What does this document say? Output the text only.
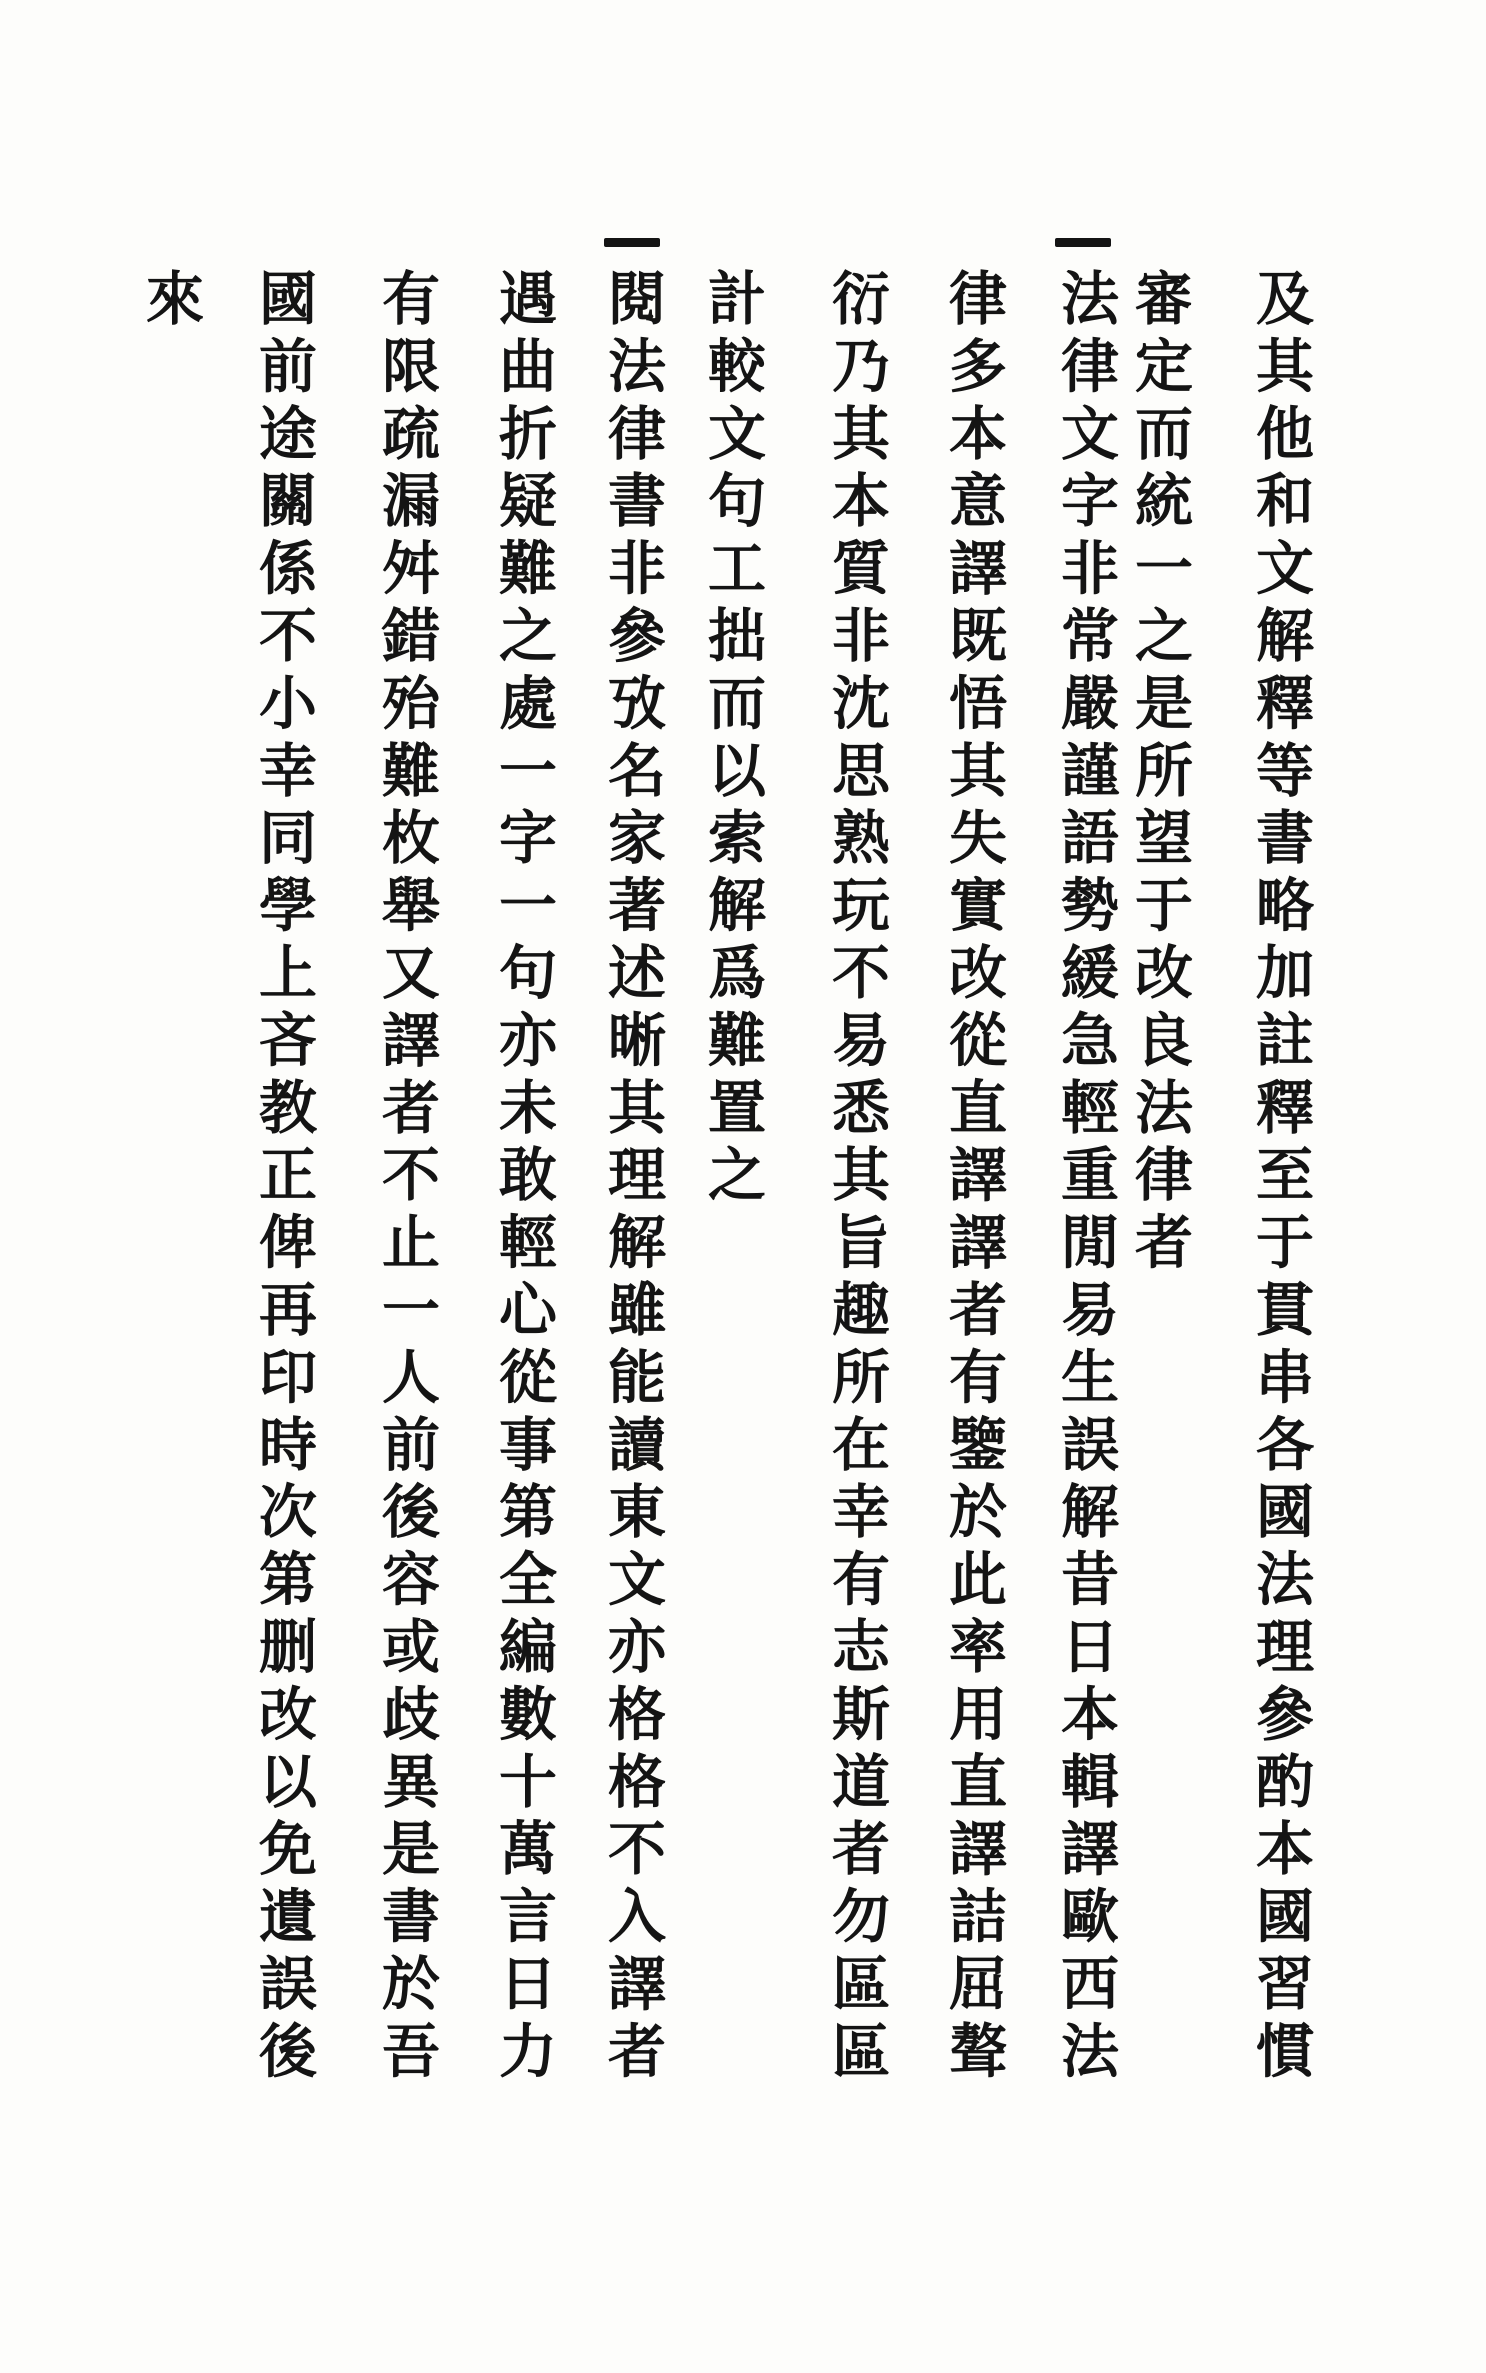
及其他和文解釋等書略加註釋至于貫串各國法理參酌本國習慣
審定而統一之是所望于改良法律者
法律文字非常嚴謹語勢緩急輕重閒易生誤解昔日本輯譯歐西法
律多本意譯既悟其失實改從直譯譯者有鑒於此率用直譯詰屈聱
衍乃其本質非沈思熟玩不易悉其旨趣所在幸有志斯道者勿區區
計較文句工拙而以索解爲難置之
閱法律書非參攷名家著述晰其理解雖能讀東文亦格格不入譯者
遇曲折疑難之處一字一句亦未敢輕心從事第全編數十萬言日力
有限疏漏舛錯殆難枚舉又譯者不止一人前後容或歧異是書於吾
國前途關係不小幸同學上吝教正俾再印時次第删改以免遺誤後
來
